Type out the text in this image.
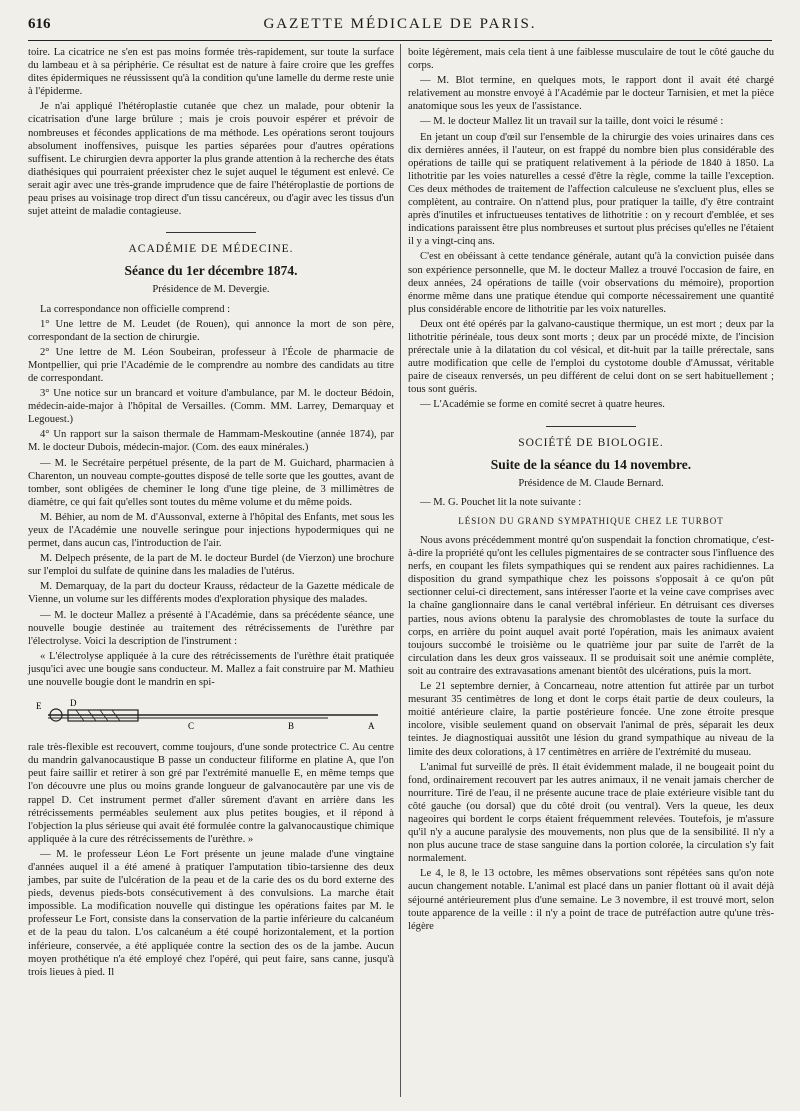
616	GAZETTE MÉDICALE DE PARIS.

toire. La cicatrice ne s'en est pas moins formée très-rapidement, sur toute la surface du lambeau et à sa périphérie. Ce résultat est de nature à faire croire que les greffes dites épidermiques ne réussissent qu'à la condition qu'une lamelle du derme reste unie à l'épiderme.

Je n'ai appliqué l'hétéroplastie cutanée que chez un malade, pour obtenir la cicatrisation d'une large brûlure ; mais je crois pouvoir espérer et prévoir de nombreuses et fécondes applications de ma méthode. Les opérations seront toujours absolument inoffensives, puisque les parties séparées pour d'autres opérations suffisent. Le chirurgien devra apporter la plus grande attention à la recherche des états diathésiques qui pourraient préexister chez le sujet auquel le tégument est enlevé. Ce serait agir avec une très-grande imprudence que de faire l'hétéroplastie de portions de peau prises au voisinage trop direct d'un tissu cancéreux, ou d'agir avec les tissus d'un sujet atteint de maladie contagieuse.

ACADÉMIE DE MÉDECINE.
Séance du 1er décembre 1874.
Présidence de M. Devergie.

La correspondance non officielle comprend :

1° Une lettre de M. Leudet (de Rouen), qui annonce la mort de son père, correspondant de la section de chirurgie.

2° Une lettre de M. Léon Soubeiran, professeur à l'École de pharmacie de Montpellier, qui prie l'Académie de le comprendre au nombre des candidats au titre de correspondant.

3° Une notice sur un brancard et voiture d'ambulance, par M. le docteur Bédoin, médecin-aide-major à l'hôpital de Versailles. (Comm. MM. Larrey, Demarquay et Legouest.)

4° Un rapport sur la saison thermale de Hammam-Meskoutine (année 1874), par M. le docteur Dubois, médecin-major. (Com. des eaux minérales.)

— M. le Secrétaire perpétuel présente, de la part de M. Guichard, pharmacien à Charenton, un nouveau compte-gouttes disposé de telle sorte que les gouttes, avant de tomber, sont obligées de cheminer le long d'une tige pleine, de 3 millimètres de diamètre, ce qui fait qu'elles sont toutes du même volume et du même poids.

M. Béhier, au nom de M. d'Aussonval, externe à l'hôpital des Enfants, met sous les yeux de l'Académie une nouvelle seringue pour injections hypodermiques qui ne permet, dans aucun cas, l'introduction de l'air.

M. Delpech présente, de la part de M. le docteur Burdel (de Vierzon) une brochure sur l'emploi du sulfate de quinine dans les maladies de l'utérus.

M. Demarquay, de la part du docteur Krauss, rédacteur de la Gazette médicale de Vienne, un volume sur les différents modes d'exploration physique des malades.

— M. le docteur Mallez a présenté à l'Académie, dans sa précédente séance, une nouvelle bougie destinée au traitement des rétrécissements de l'urèthre par l'électrolyse. Voici la description de l'instrument :

« L'électrolyse appliquée à la cure des rétrécissements de l'urèthre était pratiquée jusqu'ici avec une bougie sans conducteur. M. Mallez a fait construire par M. Mathieu une nouvelle bougie dont le mandrin en spi-

E	D
C	B	A

rale très-flexible est recouvert, comme toujours, d'une sonde protectrice C. Au centre du mandrin galvanocaustique B passe un conducteur filiforme en platine A, que l'on peut faire saillir et retirer à son gré par l'extrémité manuelle E, en même temps que l'on découvre une plus ou moins grande longueur de galvanocautère par une vis de rappel D. Cet instrument permet d'aller sûrement d'avant en arrière dans les rétrécissements perméables seulement aux plus petites bougies, et il répond à l'objection la plus sérieuse qui avait été formulée contre la galvanocaustique chimique appliquée à la cure des rétrécissements de l'urèthre. »

— M. le professeur Léon Le Fort présente un jeune malade d'une vingtaine d'années auquel il a été amené à pratiquer l'amputation tibio-tarsienne des deux jambes, par suite de l'ulcération de la peau et de la carie des os du bord externe des pieds, devenus pieds-bots consécutivement à des convulsions. La marche était impossible. La modification nouvelle qui distingue les opérations faites par M. le professeur Le Fort, consiste dans la conservation de la partie inférieure du calcanéum et de la peau du talon. L'os calcanéum a été coupé horizontalement, et la portion inférieure, conservée, a été appliquée contre la section des os de la jambe. Aucun moyen prothétique n'a été employé chez l'opéré, qui peut faire, sans canne, jusqu'à trois lieues à pied. Il

boite légèrement, mais cela tient à une faiblesse musculaire de tout le côté gauche du corps.

— M. Blot termine, en quelques mots, le rapport dont il avait été chargé relativement au monstre envoyé à l'Académie par le docteur Tarnisien, et met la pièce anatomique sous les yeux de l'assistance.

— M. le docteur Mallez lit un travail sur la taille, dont voici le résumé :

En jetant un coup d'œil sur l'ensemble de la chirurgie des voies urinaires dans ces dix dernières années, il l'auteur, on est frappé du nombre bien plus considérable des opérations de taille qui se pratiquent relativement à la période de 1840 à 1850. La lithotritie par les voies naturelles a cessé d'être la règle, comme la taille l'exception. Ces deux méthodes de traitement de l'affection calculeuse ne s'excluent plus, elles se complètent, au contraire. On n'attend plus, pour pratiquer la taille, d'y être contraint après d'inutiles et infructueuses tentatives de lithotritie : on y recourt d'emblée, et ses indications paraissent être plus nombreuses et surtout plus précises qu'elles ne l'étaient il y a vingt-cinq ans.

C'est en obéissant à cette tendance générale, autant qu'à la conviction puisée dans son expérience personnelle, que M. le docteur Mallez a trouvé l'occasion de faire, en deux années, 24 opérations de taille (voir observations du mémoire), proportion énorme même dans une pratique étendue qui comporte nécessairement une quantité plus considérable encore de lithotritie par les voix naturelles.

Deux ont été opérés par la galvano-caustique thermique, un est mort ; deux par la lithotritie périnéale, tous deux sont morts ; deux par un procédé mixte, de l'incision prérectale unie à la dilatation du col vésical, et dit-huit par la taille prérectale, sans autre modification que celle de l'emploi du cystotome double d'Amussat, véritable paire de ciseaux renversés, un peu différent de celui dont on se sert habituellement ; tous sont guéris.

— L'Académie se forme en comité secret à quatre heures.

SOCIÉTÉ DE BIOLOGIE.
Suite de la séance du 14 novembre.
Présidence de M. Claude Bernard.

— M. G. Pouchet lit la note suivante :

LÉSION DU GRAND SYMPATHIQUE CHEZ LE TURBOT

Nous avons précédemment montré qu'on suspendait la fonction chromatique, c'est-à-dire la propriété qu'ont les cellules pigmentaires de se contracter sous l'influence des nerfs, en coupant les filets sympathiques qui se rendent aux paires rachidiennes. La disposition du grand sympathique chez les poissons s'opposait à ce qu'on pût sectionner celui-ci directement, sans intéresser l'aorte et la veine cave comprises avec la chaîne ganglionnaire dans le canal vertébral inférieur. En détruisant ces diverses parties, nous avions obtenu la paralysie des chromoblastes de toute la surface du corps, en arrière du point auquel avait porté l'opération, mais les animaux avaient toujours succombé le troisième ou le quatrième jour par suite de l'arrêt de la circulation dans les deux gros vaisseaux. Il se produisait soit une anémie complète, soit au contraire des extravasations amenant bientôt des ulcérations, puis la mort.

Le 21 septembre dernier, à Concarneau, notre attention fut attirée par un turbot mesurant 35 centimètres de long et dont le corps était partie de deux couleurs, la moitié antérieure claire, la partie postérieure foncée. Une zone étroite presque incolore, visible seulement quand on observait l'animal de près, séparait les deux teintes. Je diagnostiquai aussitôt une lésion du grand sympathique au niveau de la limite des deux colorations, à 17 centimètres en arrière de l'extrémité du museau.

L'animal fut surveillé de près. Il était évidemment malade, il ne bougeait point du fond, ordinairement recouvert par les autres animaux, il ne venait jamais chercher de nourriture. Tiré de l'eau, il ne présente aucune trace de plaie extérieure visible tant du côté gauche (ou dorsal) que du côté droit (ou ventral). Vers la queue, les deux nageoires qui bordent le corps étaient fréquemment relevées. Toutefois, je m'assure qu'il n'y a aucune paralysie des mouvements, non plus que de la sensibilité. Il n'y a non plus aucune trace de stase sanguine dans la portion colorée, la circulation s'y fait normalement.

Le 4, le 8, le 13 octobre, les mêmes observations sont répétées sans qu'on note aucun changement notable. L'animal est placé dans un panier flottant où il avait déjà séjourné antérieurement plus d'une semaine. Le 3 novembre, il est trouvé mort, selon toute apparence de la veille : il n'y a point de trace de putréfaction autre qu'une très-légère
